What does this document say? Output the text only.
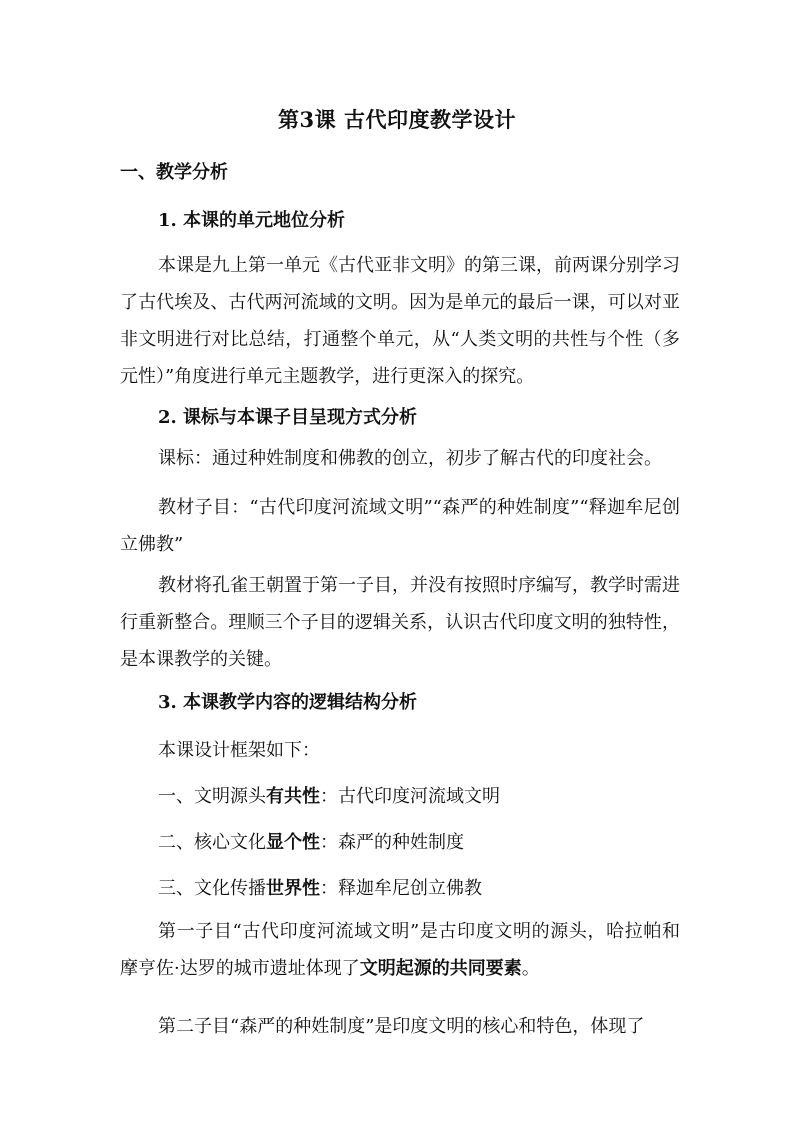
第3课 古代印度教学设计
一、教学分析
1. 本课的单元地位分析

本课是九上第一单元《古代亚非文明》的第三课，前两课分别学习了古代埃及、古代两河流域的文明。因为是单元的最后一课，可以对亚非文明进行对比总结，打通整个单元，从“人类文明的共性与个性（多元性）”角度进行单元主题教学，进行更深入的探究。

2. 课标与本课子目呈现方式分析

课标：通过种姓制度和佛教的创立，初步了解古代的印度社会。

教材子目：“古代印度河流域文明”“森严的种姓制度”“释迦牟尼创立佛教”

教材将孔雀王朝置于第一子目，并没有按照时序编写，教学时需进行重新整合。理顺三个子目的逻辑关系，认识古代印度文明的独特性，是本课教学的关键。

3. 本课教学内容的逻辑结构分析
本课设计框架如下：
一、文明源头有共性：古代印度河流域文明
二、核心文化显个性：森严的种姓制度
三、文化传播世界性：释迦牟尼创立佛教

第一子目“古代印度河流域文明”是古印度文明的源头，哈拉帕和摩亨佐·达罗的城市遗址体现了文明起源的共同要素。

第二子目“森严的种姓制度”是印度文明的核心和特色，体现了
